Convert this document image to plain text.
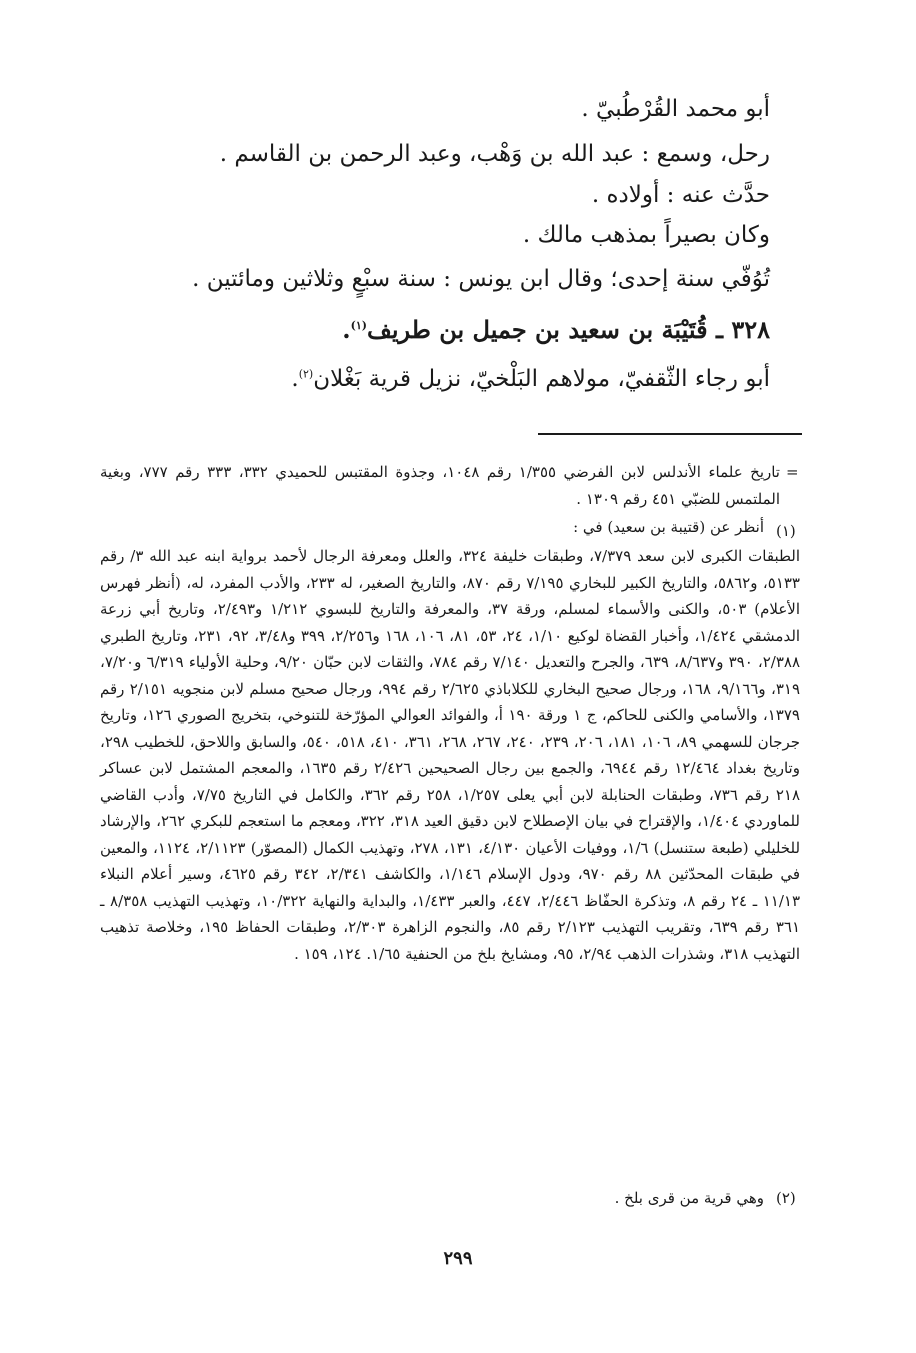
أبو محمد القُرْطُبيّ .
رحل، وسمع : عبد الله بن وَهْب، وعبد الرحمن بن القاسم .
حدَّث عنه : أولاده .
وكان بصيراً بمذهب مالك .
تُوُفّي سنة إحدى؛ وقال ابن يونس : سنة سبْعٍ وثلاثين ومائتين .
٣٢٨ ـ قُتَيْبَة بن سعيد بن جميل بن طريف$^{(١)}$.
أبو رجاء الثّقفيّ، مولاهم البَلْخيّ، نزيل قرية بَغْلان$^{(٢)}$.
=
تاريخ علماء الأندلس لابن الفرضي ١/٣٥٥ رقم ١٠٤٨، وجذوة المقتبس للحميدي ٣٣٢، ٣٣٣ رقم ٧٧٧، وبغية الملتمس للضبّي ٤٥١ رقم ١٣٠٩ .
(١)
أنظر عن (قتيبة بن سعيد) في :
الطبقات الكبرى لابن سعد ٧/٣٧٩، وطبقات خليفة ٣٢٤، والعلل ومعرفة الرجال لأحمد برواية ابنه عبد الله ٣/ رقم ٥١٣٣، و٥٨٦٢، والتاريخ الكبير للبخاري ٧/١٩٥ رقم ٨٧٠، والتاريخ الصغير، له ٢٣٣، والأدب المفرد، له، (أنظر فهرس الأعلام) ٥٠٣، والكنى والأسماء لمسلم، ورقة ٣٧، والمعرفة والتاريخ للبسوي ١/٢١٢ و٢/٤٩٣، وتاريخ أبي زرعة الدمشقي ١/٤٢٤، وأخبار القضاة لوكيع ١/١٠، ٢٤، ٥٣، ٨١، ١٠٦، ١٦٨ و٢/٢٥٦، ٣٩٩ و٣/٤٨، ٩٢، ٢٣١، وتاريخ الطبري ٢/٣٨٨، ٣٩٠ و٨/٦٣٧، ٦٣٩، والجرح والتعديل ٧/١٤٠ رقم ٧٨٤، والثقات لابن حبّان ٩/٢٠، وحلية الأولياء ٦/٣١٩ و٧/٢٠، ٣١٩، و٩/١٦٦، ١٦٨، ورجال صحيح البخاري للكلاباذي ٢/٦٢٥ رقم ٩٩٤، ورجال صحيح مسلم لابن منجويه ٢/١٥١ رقم ١٣٧٩، والأسامي والكنى للحاكم، ج ١ ورقة ١٩٠ أ، والفوائد العوالي المؤرّخة للتنوخي، بتخريج الصوري ١٢٦، وتاريخ جرجان للسهمي ٨٩، ١٠٦، ١٨١، ٢٠٦، ٢٣٩، ٢٤٠، ٢٦٧، ٢٦٨، ٣٦١، ٤١٠، ٥١٨، ٥٤٠، والسابق واللاحق، للخطيب ٢٩٨، وتاريخ بغداد ١٢/٤٦٤ رقم ٦٩٤٤، والجمع بين رجال الصحيحين ٢/٤٢٦ رقم ١٦٣٥، والمعجم المشتمل لابن عساكر ٢١٨ رقم ٧٣٦، وطبقات الحنابلة لابن أبي يعلى ١/٢٥٧، ٢٥٨ رقم ٣٦٢، والكامل في التاريخ ٧/٧٥، وأدب القاضي للماوردي ١/٤٠٤، والإقتراح في بيان الإصطلاح لابن دقيق العيد ٣١٨، ٣٢٢، ومعجم ما استعجم للبكري ٢٦٢، والإرشاد للخليلي (طبعة ستنسل) ١/٦، ووفيات الأعيان ٤/١٣٠، ١٣١، ٢٧٨، وتهذيب الكمال (المصوّر) ٢/١١٢٣، ١١٢٤، والمعين في طبقات المحدّثين ٨٨ رقم ٩٧٠، ودول الإسلام ١/١٤٦، والكاشف ٢/٣٤١، ٣٤٢ رقم ٤٦٢٥، وسير أعلام النبلاء ١١/١٣ ـ ٢٤ رقم ٨، وتذكرة الحفّاظ ٢/٤٤٦، ٤٤٧، والعبر ١/٤٣٣، والبداية والنهاية ١٠/٣٢٢، وتهذيب التهذيب ٨/٣٥٨ ـ ٣٦١ رقم ٦٣٩، وتقريب التهذيب ٢/١٢٣ رقم ٨٥، والنجوم الزاهرة ٢/٣٠٣، وطبقات الحفاظ ١٩٥، وخلاصة تذهيب التهذيب ٣١٨، وشذرات الذهب ٢/٩٤، ٩٥، ومشايخ بلخ من الحنفية ١/٦٥. ١٢٤، ١٥٩ .
(٢)
وهي قرية من قرى بلخ .
٢٩٩
